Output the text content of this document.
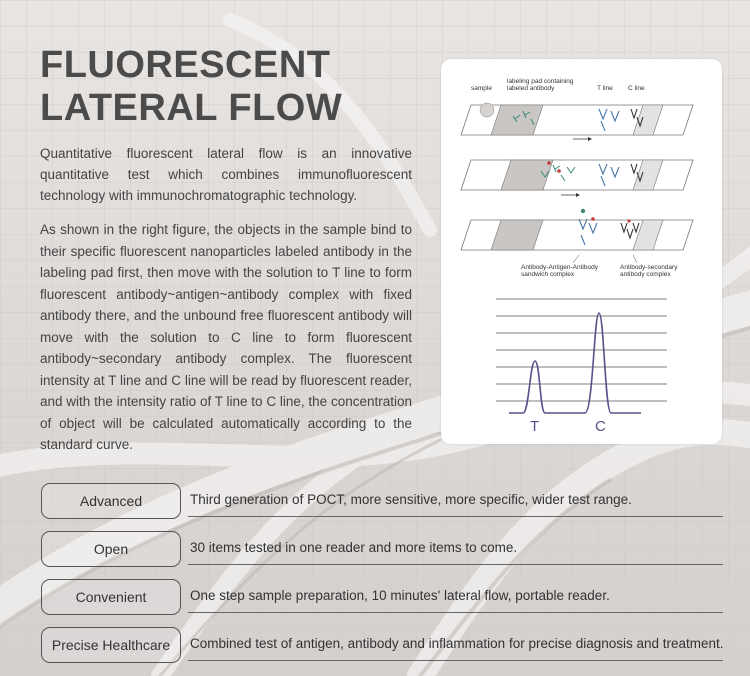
FLUORESCENT
LATERAL FLOW

Quantitative fluorescent lateral flow is an innovative quantitative test which combines immunofluorescent technology with immunochromatographic technology.

As shown in the right figure, the objects in the sample bind to their specific fluorescent nanoparticles labeled antibody in the labeling pad first, then move with the solution to T line to form fluorescent antibody~antigen~antibody complex with fixed antibody there, and the unbound free fluorescent antibody will move with the solution to C line to form fluorescent antibody~secondary antibody complex. The fluorescent intensity at T line and C line will be read by fluorescent reader, and with the intensity ratio of T line to C line, the concentration of object will be calculated automatically according to the standard curve.

sample
labeling pad containing
labeled antibody	T line C line
Antibody-Antigen-Antibody
sandwich complex
Antibody-secondary
antibody complex
T	C
Advanced	Third generation of POCT, more sensitive, more specific, wider test range.
Open	30 items tested in one reader and more items to come.
Convenient	One step sample preparation, 10 minutes' lateral flow, portable reader.
Precise Healthcare	Combined test of antigen, antibody and inflammation for precise diagnosis and treatment.
